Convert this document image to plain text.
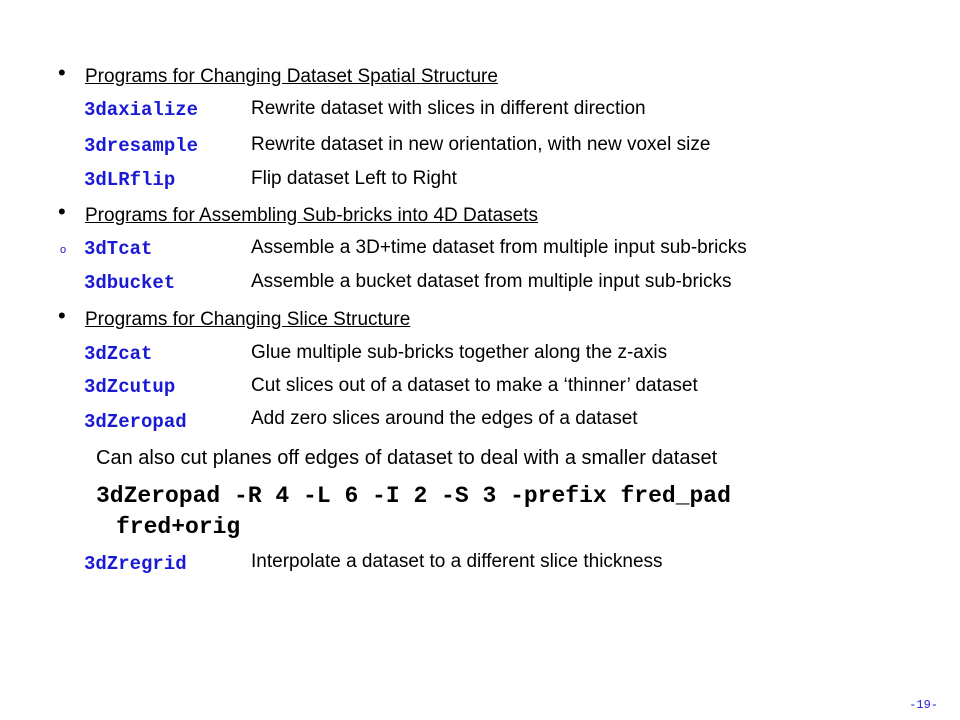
• Programs for Changing Dataset Spatial Structure
3daxialize	Rewrite dataset with slices in different direction
3dresample	Rewrite dataset in new orientation, with new voxel size
3dLRflip	Flip dataset Left to Right
• Programs for Assembling Sub-bricks into 4D Datasets
o 3dTcat	Assemble a 3D+time dataset from multiple input sub-bricks
3dbucket	Assemble a bucket dataset from multiple input sub-bricks
• Programs for Changing Slice Structure
3dZcat	Glue multiple sub-bricks together along the z-axis
3dZcutup	Cut slices out of a dataset to make a ‘thinner’ dataset
3dZeropad	Add zero slices around the edges of a dataset
Can also cut planes off edges of dataset to deal with a smaller dataset
3dZeropad -R 4 -L 6 -I 2 -S 3 -prefix fred_pad
fred+orig
3dZregrid	Interpolate a dataset to a different slice thickness
-19-
